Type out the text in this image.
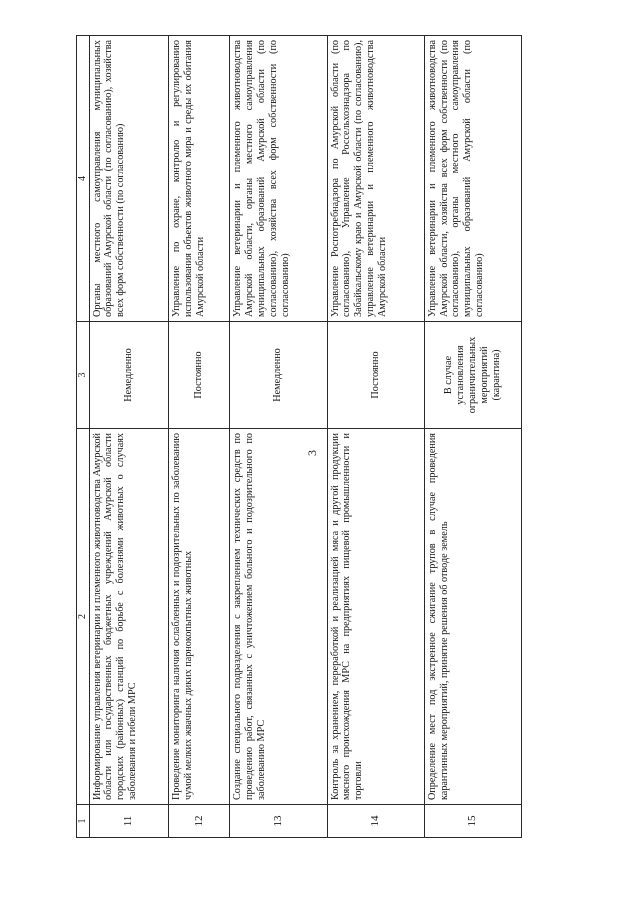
3
1	2	3	4
11	Информирование управления ветеринарии и племенного животноводства Амурской области или государственных бюджетных учреждений Амурской области городских (районных) станций по борьбе с болезнями животных о случаях заболевания и гибели МРС	Немедленно	Органы местного самоуправления муниципальных образований Амурской области (по согласованию), хозяйства всех форм собственности (по согласованию)
12	Проведение мониторинга наличия ослабленных и подозрительных по заболеванию чумой мелких жвачных диких парнокопытных животных	Постоянно	Управление по охране, контролю и регулированию использования объектов животного мира и среды их обитания Амурской области
13	Создание специального подразделения с закреплением технических средств по проведению работ, связанных с уничтожением больного и подозрительного по заболеванию МРС	Немедленно	Управление ветеринарии и племенного животноводства Амурской области, органы местного самоуправления муниципальных образований Амурской области (по согласованию), хозяйства всех форм собственности (по согласованию)
14	Контроль за хранением, переработкой и реализацией мяса и другой продукции мясного происхождения МРС на предприятиях пищевой промышленности и торговли	Постоянно	Управление Роспотребнадзора по Амурской области (по согласованию), Управление Россельхознадзора по Забайкальскому краю и Амурской области (по согласованию), управление ветеринарии и племенного животноводства Амурской области
15	Определение мест под экстренное сжигание трупов в случае проведения карантинных мероприятий, принятие решения об отводе земель	В случае установления ограничительных мероприятий (карантина)	Управление ветеринарии и племенного животноводства Амурской области, хозяйства всех форм собственности (по согласованию), органы местного самоуправления муниципальных образований Амурской области (по согласованию)
